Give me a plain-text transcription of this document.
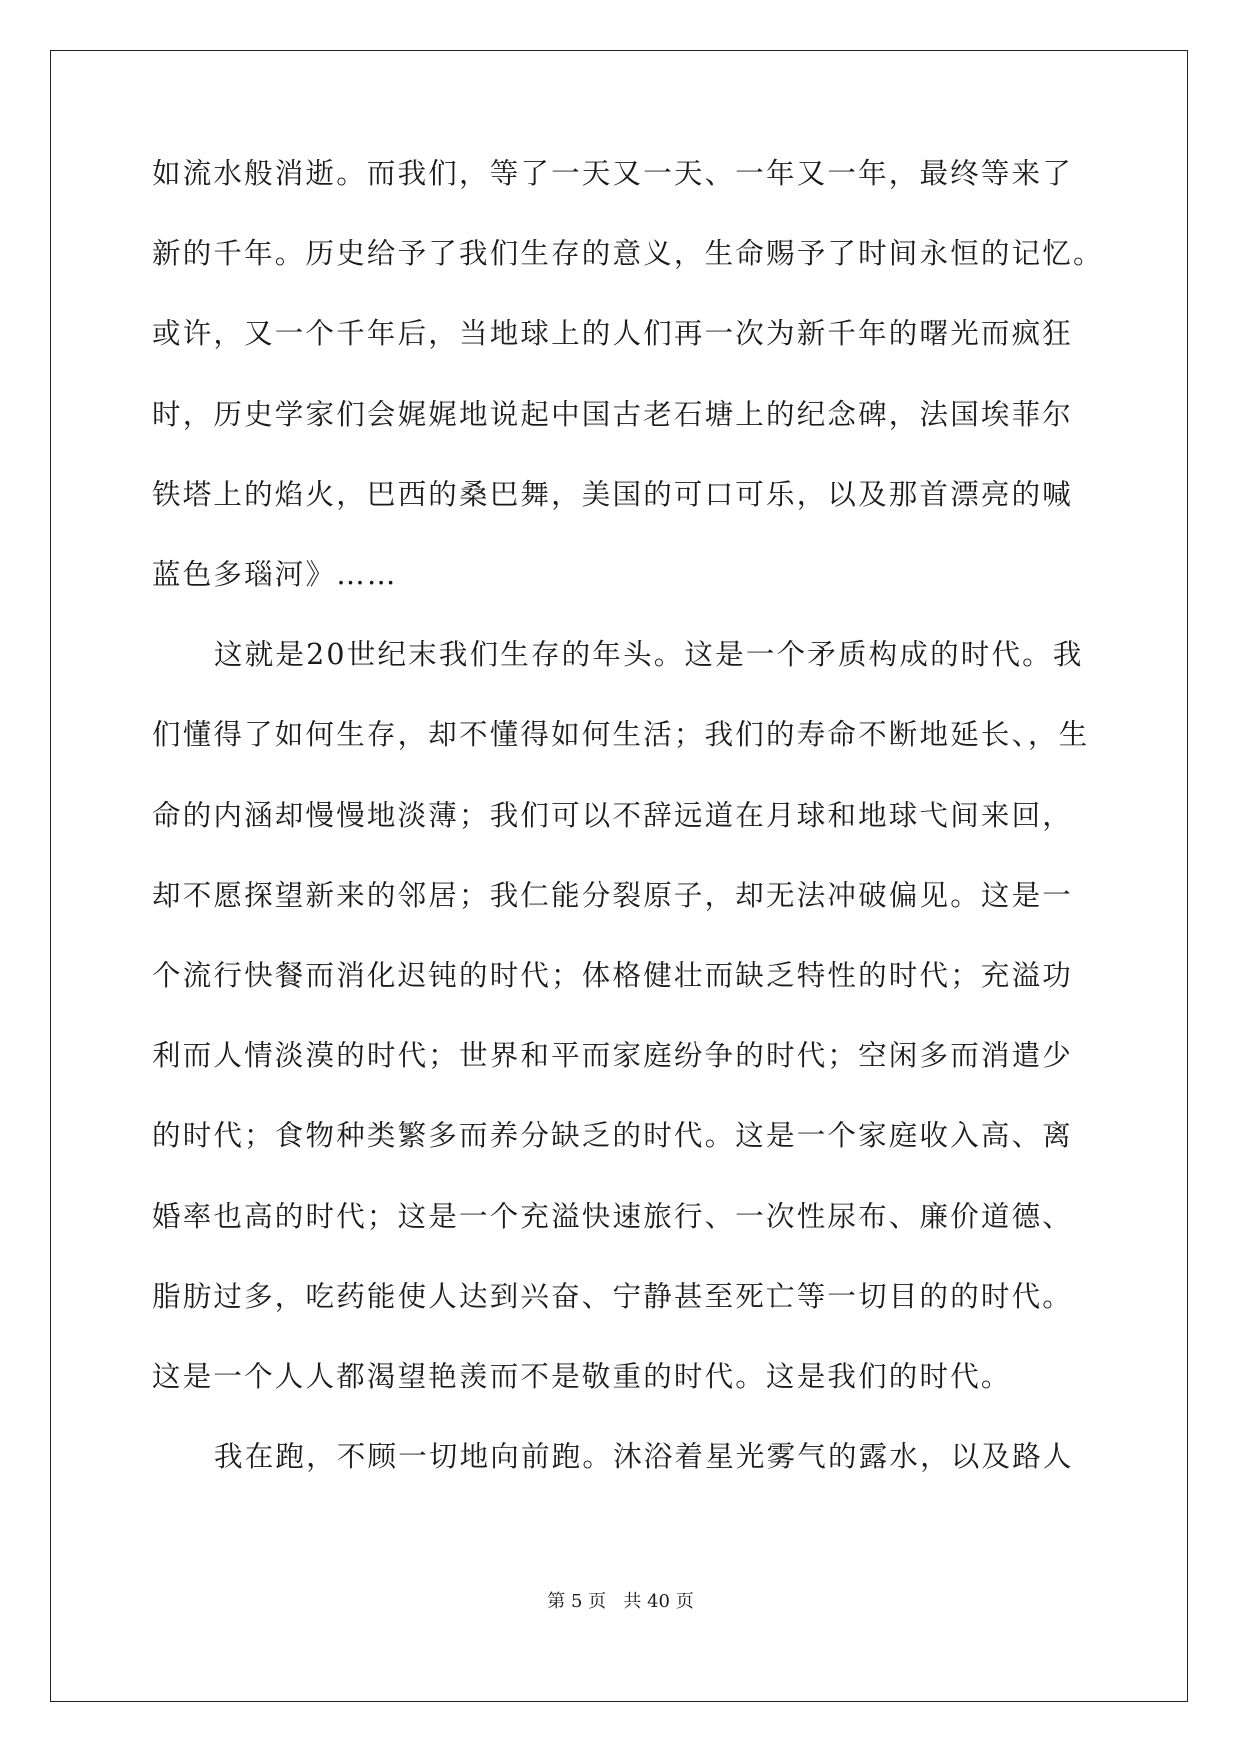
如流水般消逝。而我们，等了一天又一天、一年又一年，最终等来了
新的千年。历史给予了我们生存的意义，生命赐予了时间永恒的记忆。
或许，又一个千年后，当地球上的人们再一次为新千年的曙光而疯狂
时，历史学家们会娓娓地说起中国古老石塘上的纪念碑，法国埃菲尔
铁塔上的焰火，巴西的桑巴舞，美国的可口可乐，以及那首漂亮的喊
蓝色多瑙河》……
这就是20世纪末我们生存的年头。这是一个矛质构成的时代。我
们懂得了如何生存，却不懂得如何生活；我们的寿命不断地延长、，生
命的内涵却慢慢地淡薄；我们可以不辞远道在月球和地球弋间来回，
却不愿探望新来的邻居；我仁能分裂原子，却无法冲破偏见。这是一
个流行快餐而消化迟钝的时代；体格健壮而缺乏特性的时代；充溢功
利而人情淡漠的时代；世界和平而家庭纷争的时代；空闲多而消遣少
的时代；食物种类繁多而养分缺乏的时代。这是一个家庭收入高、离
婚率也高的时代；这是一个充溢快速旅行、一次性尿布、廉价道德、
脂肪过多，吃药能使人达到兴奋、宁静甚至死亡等一切目的的时代。
这是一个人人都渴望艳羡而不是敬重的时代。这是我们的时代。
我在跑，不顾一切地向前跑。沐浴着星光雾气的露水，以及路人
第 5 页   共 40 页
